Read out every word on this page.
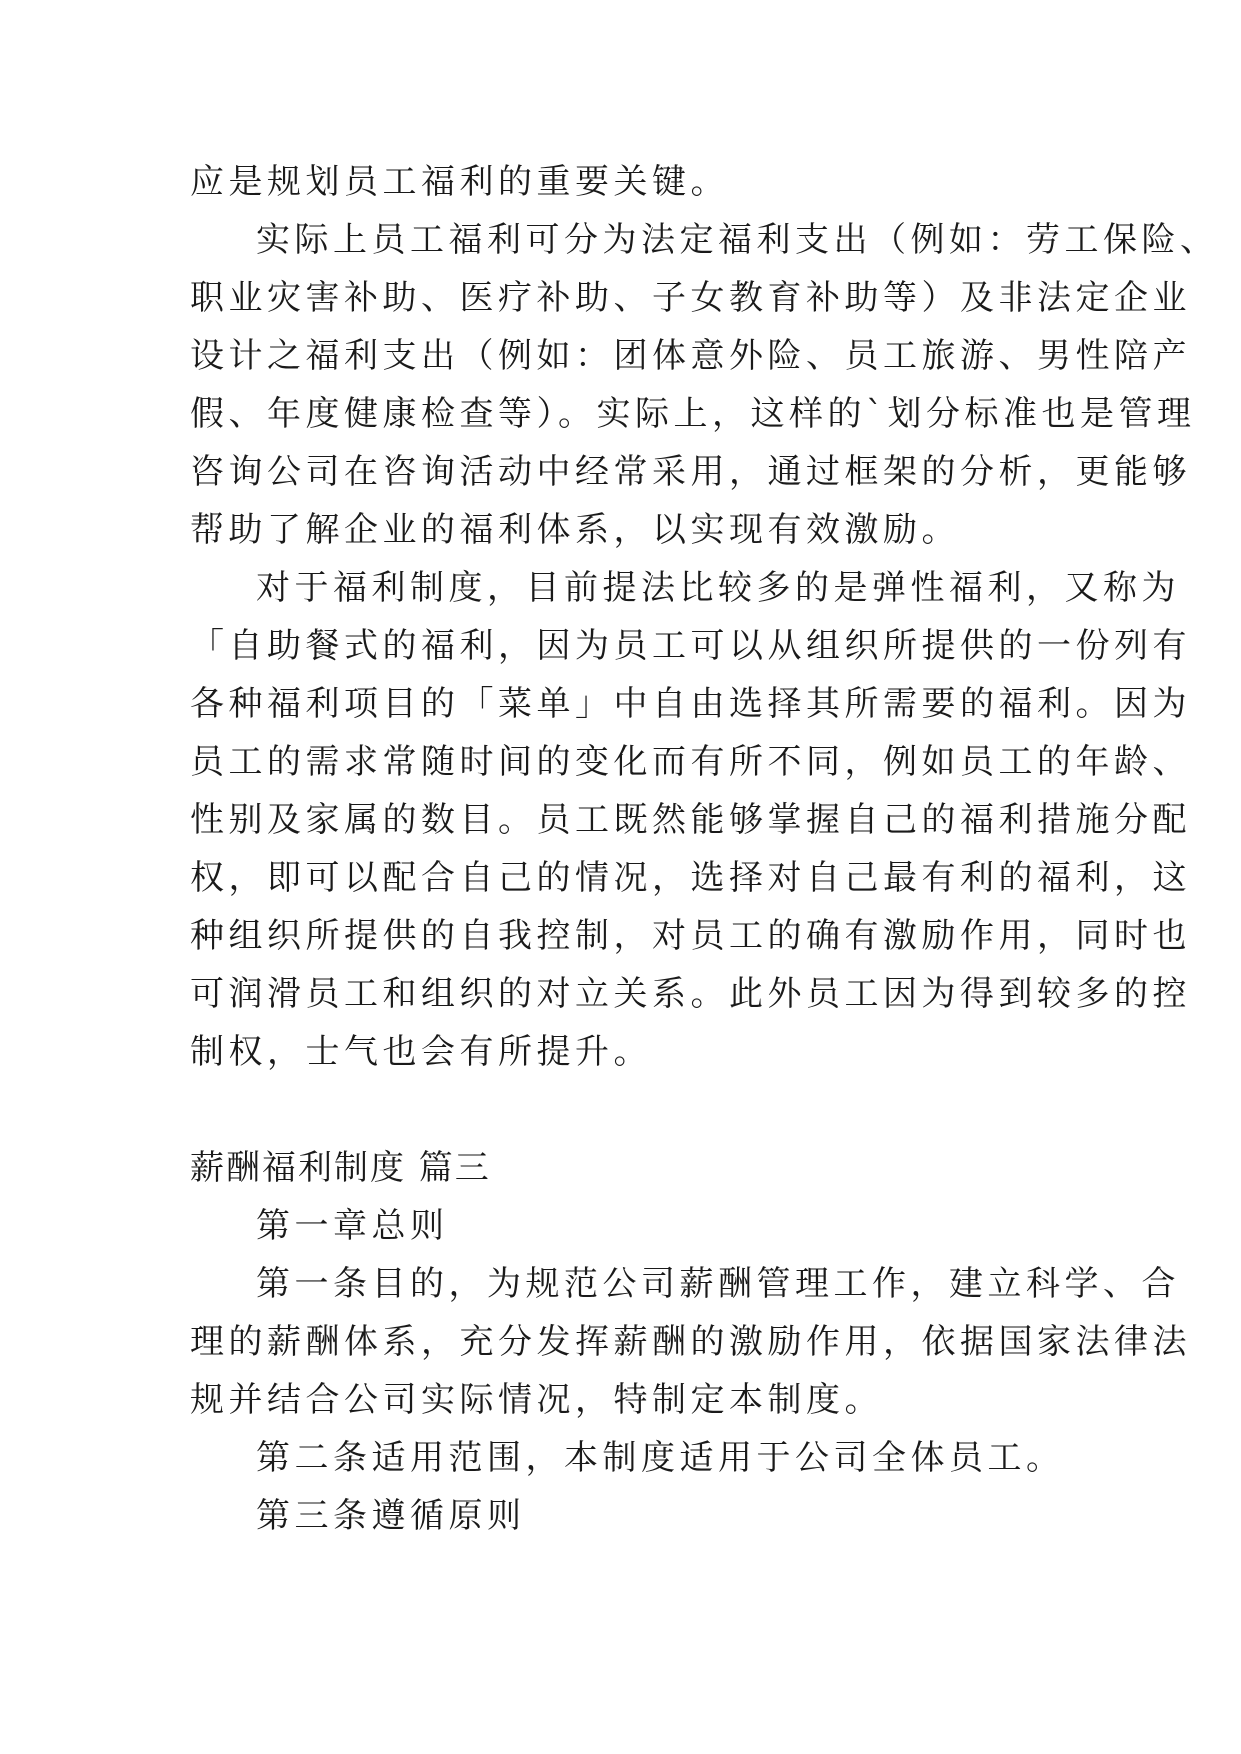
应是规划员工福利的重要关键。
实际上员工福利可分为法定福利支出（例如：劳工保险、
职业灾害补助、医疗补助、子女教育补助等）及非法定企业
设计之福利支出（例如：团体意外险、员工旅游、男性陪产
假、年度健康检查等）。实际上，这样的`划分标准也是管理
咨询公司在咨询活动中经常采用，通过框架的分析，更能够
帮助了解企业的福利体系，以实现有效激励。
对于福利制度，目前提法比较多的是弹性福利，又称为
「自助餐式的福利，因为员工可以从组织所提供的一份列有
各种福利项目的「菜单」中自由选择其所需要的福利。因为
员工的需求常随时间的变化而有所不同，例如员工的年龄、
性别及家属的数目。员工既然能够掌握自己的福利措施分配
权，即可以配合自己的情况，选择对自己最有利的福利，这
种组织所提供的自我控制，对员工的确有激励作用，同时也
可润滑员工和组织的对立关系。此外员工因为得到较多的控
制权，士气也会有所提升。
薪酬福利制度 篇三
第一章总则
第一条目的，为规范公司薪酬管理工作，建立科学、合
理的薪酬体系，充分发挥薪酬的激励作用，依据国家法律法
规并结合公司实际情况，特制定本制度。
第二条适用范围，本制度适用于公司全体员工。
第三条遵循原则
